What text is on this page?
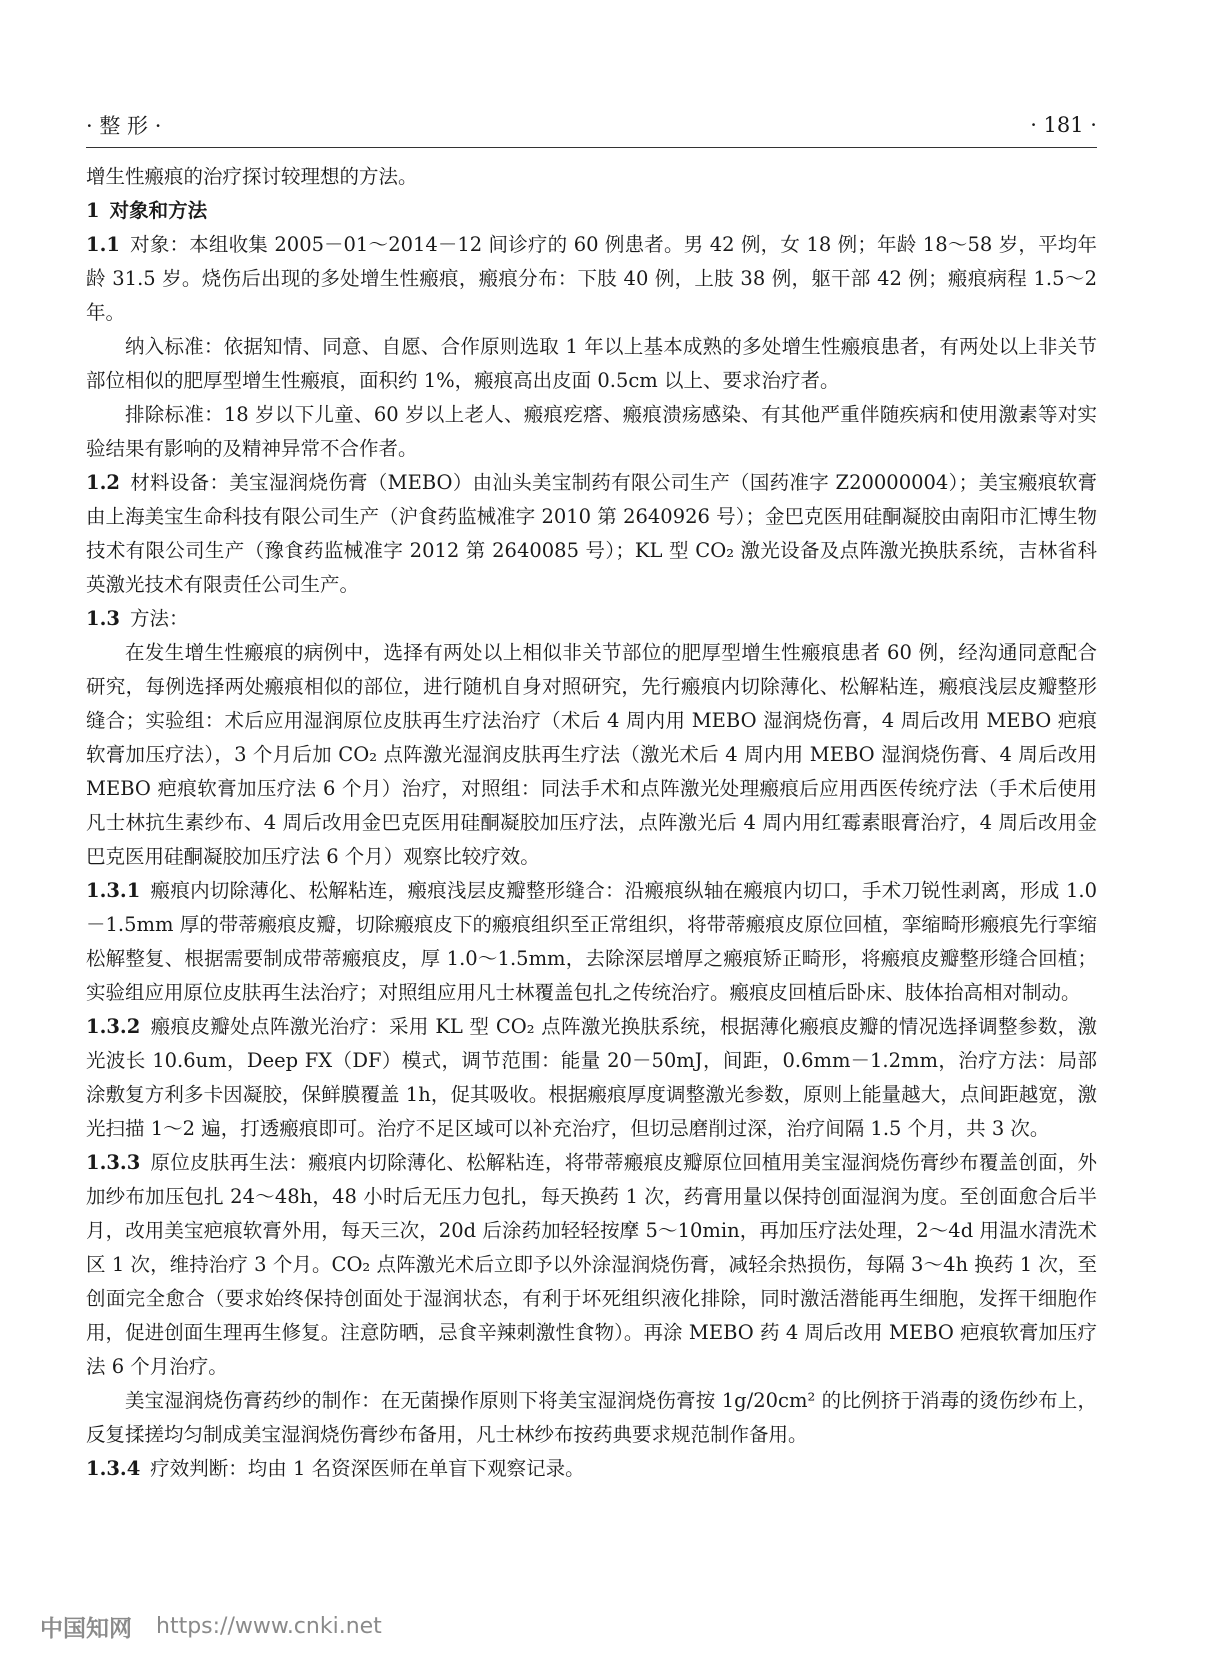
· 整 形 ·	· 181 ·

增生性瘢痕的治疗探讨较理想的方法。

1 对象和方法

1.1 对象：本组收集 2005－01～2014－12 间诊疗的 60 例患者。男 42 例，女 18 例；年龄 18～58 岁，平均年龄 31.5 岁。烧伤后出现的多处增生性瘢痕，瘢痕分布：下肢 40 例，上肢 38 例，躯干部 42 例；瘢痕病程 1.5～2 年。

纳入标准：依据知情、同意、自愿、合作原则选取 1 年以上基本成熟的多处增生性瘢痕患者，有两处以上非关节部位相似的肥厚型增生性瘢痕，面积约 1%，瘢痕高出皮面 0.5cm 以上、要求治疗者。

排除标准：18 岁以下儿童、60 岁以上老人、瘢痕疙瘩、瘢痕溃疡感染、有其他严重伴随疾病和使用激素等对实验结果有影响的及精神异常不合作者。

1.2 材料设备：美宝湿润烧伤膏（MEBO）由汕头美宝制药有限公司生产（国药准字 Z20000004）；美宝瘢痕软膏由上海美宝生命科技有限公司生产（沪食药监械准字 2010 第 2640926 号）；金巴克医用硅酮凝胶由南阳市汇博生物技术有限公司生产（豫食药监械准字 2012 第 2640085 号）；KL 型 CO₂ 激光设备及点阵激光换肤系统，吉林省科英激光技术有限责任公司生产。

1.3 方法：

在发生增生性瘢痕的病例中，选择有两处以上相似非关节部位的肥厚型增生性瘢痕患者 60 例，经沟通同意配合研究，每例选择两处瘢痕相似的部位，进行随机自身对照研究，先行瘢痕内切除薄化、松解粘连，瘢痕浅层皮瓣整形缝合；实验组：术后应用湿润原位皮肤再生疗法治疗（术后 4 周内用 MEBO 湿润烧伤膏，4 周后改用 MEBO 疤痕软膏加压疗法），3 个月后加 CO₂ 点阵激光湿润皮肤再生疗法（激光术后 4 周内用 MEBO 湿润烧伤膏、4 周后改用 MEBO 疤痕软膏加压疗法 6 个月）治疗，对照组：同法手术和点阵激光处理瘢痕后应用西医传统疗法（手术后使用凡士林抗生素纱布、4 周后改用金巴克医用硅酮凝胶加压疗法，点阵激光后 4 周内用红霉素眼膏治疗，4 周后改用金巴克医用硅酮凝胶加压疗法 6 个月）观察比较疗效。

1.3.1 瘢痕内切除薄化、松解粘连，瘢痕浅层皮瓣整形缝合：沿瘢痕纵轴在瘢痕内切口，手术刀锐性剥离，形成 1.0－1.5mm 厚的带蒂瘢痕皮瓣，切除瘢痕皮下的瘢痕组织至正常组织，将带蒂瘢痕皮原位回植，挛缩畸形瘢痕先行挛缩松解整复、根据需要制成带蒂瘢痕皮，厚 1.0～1.5mm，去除深层增厚之瘢痕矫正畸形，将瘢痕皮瓣整形缝合回植；实验组应用原位皮肤再生法治疗；对照组应用凡士林覆盖包扎之传统治疗。瘢痕皮回植后卧床、肢体抬高相对制动。

1.3.2 瘢痕皮瓣处点阵激光治疗：采用 KL 型 CO₂ 点阵激光换肤系统，根据薄化瘢痕皮瓣的情况选择调整参数，激光波长 10.6um，Deep FX（DF）模式，调节范围：能量 20－50mJ，间距，0.6mm－1.2mm，治疗方法：局部涂敷复方利多卡因凝胶，保鲜膜覆盖 1h，促其吸收。根据瘢痕厚度调整激光参数，原则上能量越大，点间距越宽，激光扫描 1～2 遍，打透瘢痕即可。治疗不足区域可以补充治疗，但切忌磨削过深，治疗间隔 1.5 个月，共 3 次。

1.3.3 原位皮肤再生法：瘢痕内切除薄化、松解粘连，将带蒂瘢痕皮瓣原位回植用美宝湿润烧伤膏纱布覆盖创面，外加纱布加压包扎 24～48h，48 小时后无压力包扎，每天换药 1 次，药膏用量以保持创面湿润为度。至创面愈合后半月，改用美宝疤痕软膏外用，每天三次，20d 后涂药加轻轻按摩 5～10min，再加压疗法处理，2～4d 用温水清洗术区 1 次，维持治疗 3 个月。CO₂ 点阵激光术后立即予以外涂湿润烧伤膏，减轻余热损伤，每隔 3～4h 换药 1 次，至创面完全愈合（要求始终保持创面处于湿润状态，有利于坏死组织液化排除，同时激活潜能再生细胞，发挥干细胞作用，促进创面生理再生修复。注意防晒，忌食辛辣刺激性食物）。再涂 MEBO 药 4 周后改用 MEBO 疤痕软膏加压疗法 6 个月治疗。

美宝湿润烧伤膏药纱的制作：在无菌操作原则下将美宝湿润烧伤膏按 1g/20cm² 的比例挤于消毒的烫伤纱布上，反复揉搓均匀制成美宝湿润烧伤膏纱布备用，凡士林纱布按药典要求规范制作备用。

1.3.4 疗效判断：均由 1 名资深医师在单盲下观察记录。

中国知网 https://www.cnki.net
